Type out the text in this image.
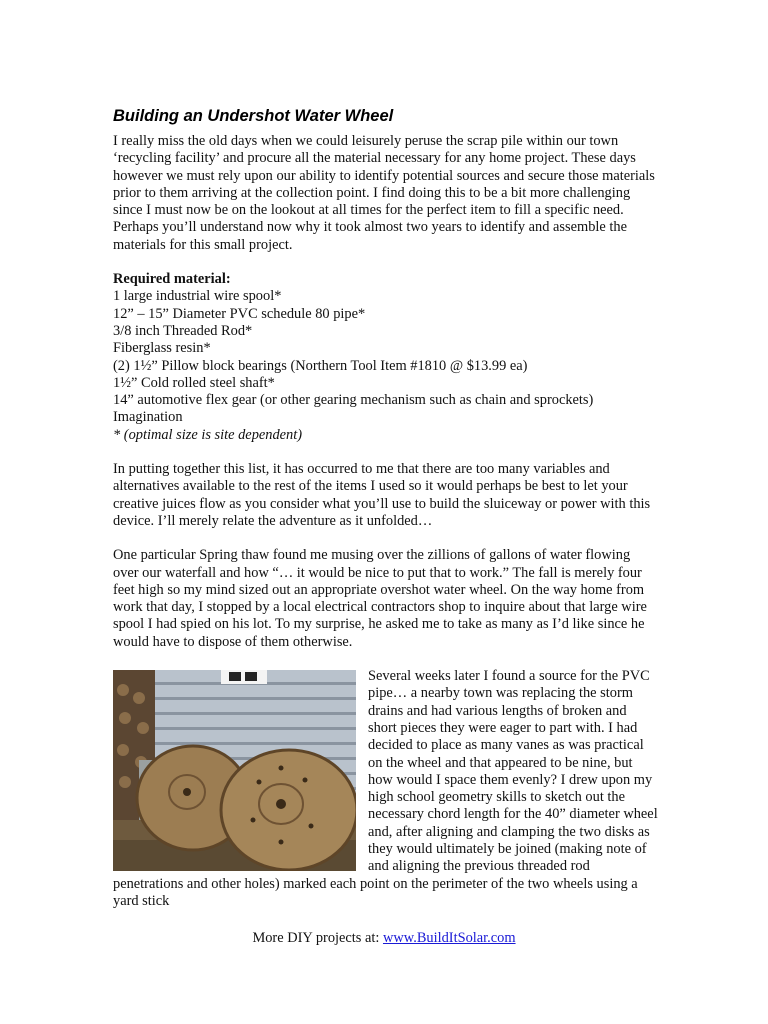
Building an Undershot Water Wheel

I really miss the old days when we could leisurely peruse the scrap pile within our town ‘recycling facility’ and procure all the material necessary for any home project. These days however we must rely upon our ability to identify potential sources and secure those materials prior to them arriving at the collection point. I find doing this to be a bit more challenging since I must now be on the lookout at all times for the perfect item to fill a specific need. Perhaps you’ll understand now why it took almost two years to identify and assemble the materials for this small project.

Required material:
1 large industrial wire spool*
12” – 15” Diameter PVC schedule 80 pipe*
3/8 inch Threaded Rod*
Fiberglass resin*
(2) 1½” Pillow block bearings (Northern Tool Item #1810 @ $13.99 ea)
1½” Cold rolled steel shaft*
14” automotive flex gear (or other gearing mechanism such as chain and sprockets)
Imagination
* (optimal size is site dependent)

In putting together this list, it has occurred to me that there are too many variables and alternatives available to the rest of the items I used so it would perhaps be best to let your creative juices flow as you consider what you’ll use to build the sluiceway or power with this device. I’ll merely relate the adventure as it unfolded…

One particular Spring thaw found me musing over the zillions of gallons of water flowing over our waterfall and how “… it would be nice to put that to work.” The fall is merely four feet high so my mind sized out an appropriate overshot water wheel. On the way home from work that day, I stopped by a local electrical contractors shop to inquire about that large wire spool I had spied on his lot. To my surprise, he asked me to take as many as I’d like since he would have to dispose of them otherwise.

Several weeks later I found a source for the PVC pipe… a nearby town was replacing the storm drains and had various lengths of broken and short pieces they were eager to part with. I had decided to place as many vanes as was practical on the wheel and that appeared to be nine, but how would I space them evenly? I drew upon my high school geometry skills to sketch out the necessary chord length for the 40” diameter wheel and, after aligning and clamping the two disks as they would ultimately be joined (making note of and aligning the previous threaded rod penetrations and other holes) marked each point on the perimeter of the two wheels using a yard stick

More DIY projects at: www.BuildItSolar.com
